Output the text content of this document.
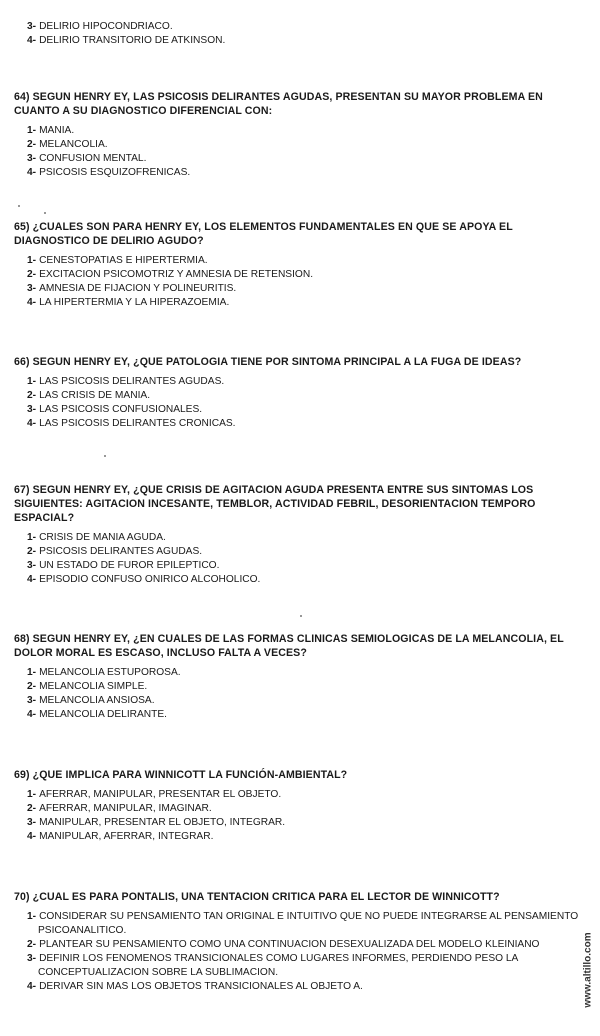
3- DELIRIO HIPOCONDRIACO.
4- DELIRIO TRANSITORIO DE ATKINSON.
64) SEGUN HENRY EY, LAS PSICOSIS DELIRANTES AGUDAS, PRESENTAN SU MAYOR PROBLEMA EN CUANTO A SU DIAGNOSTICO DIFERENCIAL CON:
1- MANIA.
2- MELANCOLIA.
3- CONFUSION MENTAL.
4- PSICOSIS ESQUIZOFRENICAS.
65) ¿CUALES SON PARA HENRY EY, LOS ELEMENTOS FUNDAMENTALES EN QUE SE APOYA EL DIAGNOSTICO DE DELIRIO AGUDO?
1- CENESTOPATIAS E HIPERTERMIA.
2- EXCITACION PSICOMOTRIZ Y AMNESIA DE RETENSION.
3- AMNESIA DE FIJACION Y POLINEURITIS.
4- LA HIPERTERMIA Y LA HIPERAZOEMIA.
66) SEGUN HENRY EY, ¿QUE PATOLOGIA TIENE POR SINTOMA PRINCIPAL A LA FUGA DE IDEAS?
1- LAS PSICOSIS DELIRANTES AGUDAS.
2- LAS CRISIS DE MANIA.
3- LAS PSICOSIS CONFUSIONALES.
4- LAS PSICOSIS DELIRANTES CRONICAS.
67) SEGUN HENRY EY, ¿QUE CRISIS DE AGITACION AGUDA PRESENTA ENTRE SUS SINTOMAS LOS SIGUIENTES: AGITACION INCESANTE, TEMBLOR, ACTIVIDAD FEBRIL, DESORIENTACION TEMPORO ESPACIAL?
1- CRISIS DE MANIA AGUDA.
2- PSICOSIS DELIRANTES AGUDAS.
3- UN ESTADO DE FUROR EPILEPTICO.
4- EPISODIO CONFUSO ONIRICO ALCOHOLICO.
68) SEGUN HENRY EY, ¿EN CUALES DE LAS FORMAS CLINICAS SEMIOLOGICAS DE LA MELANCOLIA, EL DOLOR MORAL ES ESCASO, INCLUSO FALTA A VECES?
1- MELANCOLIA ESTUPOROSA.
2- MELANCOLIA SIMPLE.
3- MELANCOLIA ANSIOSA.
4- MELANCOLIA DELIRANTE.
69) ¿QUE IMPLICA PARA WINNICOTT LA FUNCIÓN-AMBIENTAL?
1- AFERRAR, MANIPULAR, PRESENTAR EL OBJETO.
2- AFERRAR, MANIPULAR, IMAGINAR.
3- MANIPULAR, PRESENTAR EL OBJETO, INTEGRAR.
4- MANIPULAR, AFERRAR, INTEGRAR.
70) ¿CUAL ES PARA PONTALIS, UNA TENTACION CRITICA PARA EL LECTOR DE WINNICOTT?
1- CONSIDERAR SU PENSAMIENTO TAN ORIGINAL E INTUITIVO QUE NO PUEDE INTEGRARSE AL PENSAMIENTO PSICOANALITICO.
2- PLANTEAR SU PENSAMIENTO COMO UNA CONTINUACION DESEXUALIZADA DEL MODELO KLEINIANO
3- DEFINIR LOS FENOMENOS TRANSICIONALES COMO LUGARES INFORMES, PERDIENDO PESO LA CONCEPTUALIZACION SOBRE LA SUBLIMACION.
4- DERIVAR SIN MAS LOS OBJETOS TRANSICIONALES AL OBJETO A.	www.altillo.com
